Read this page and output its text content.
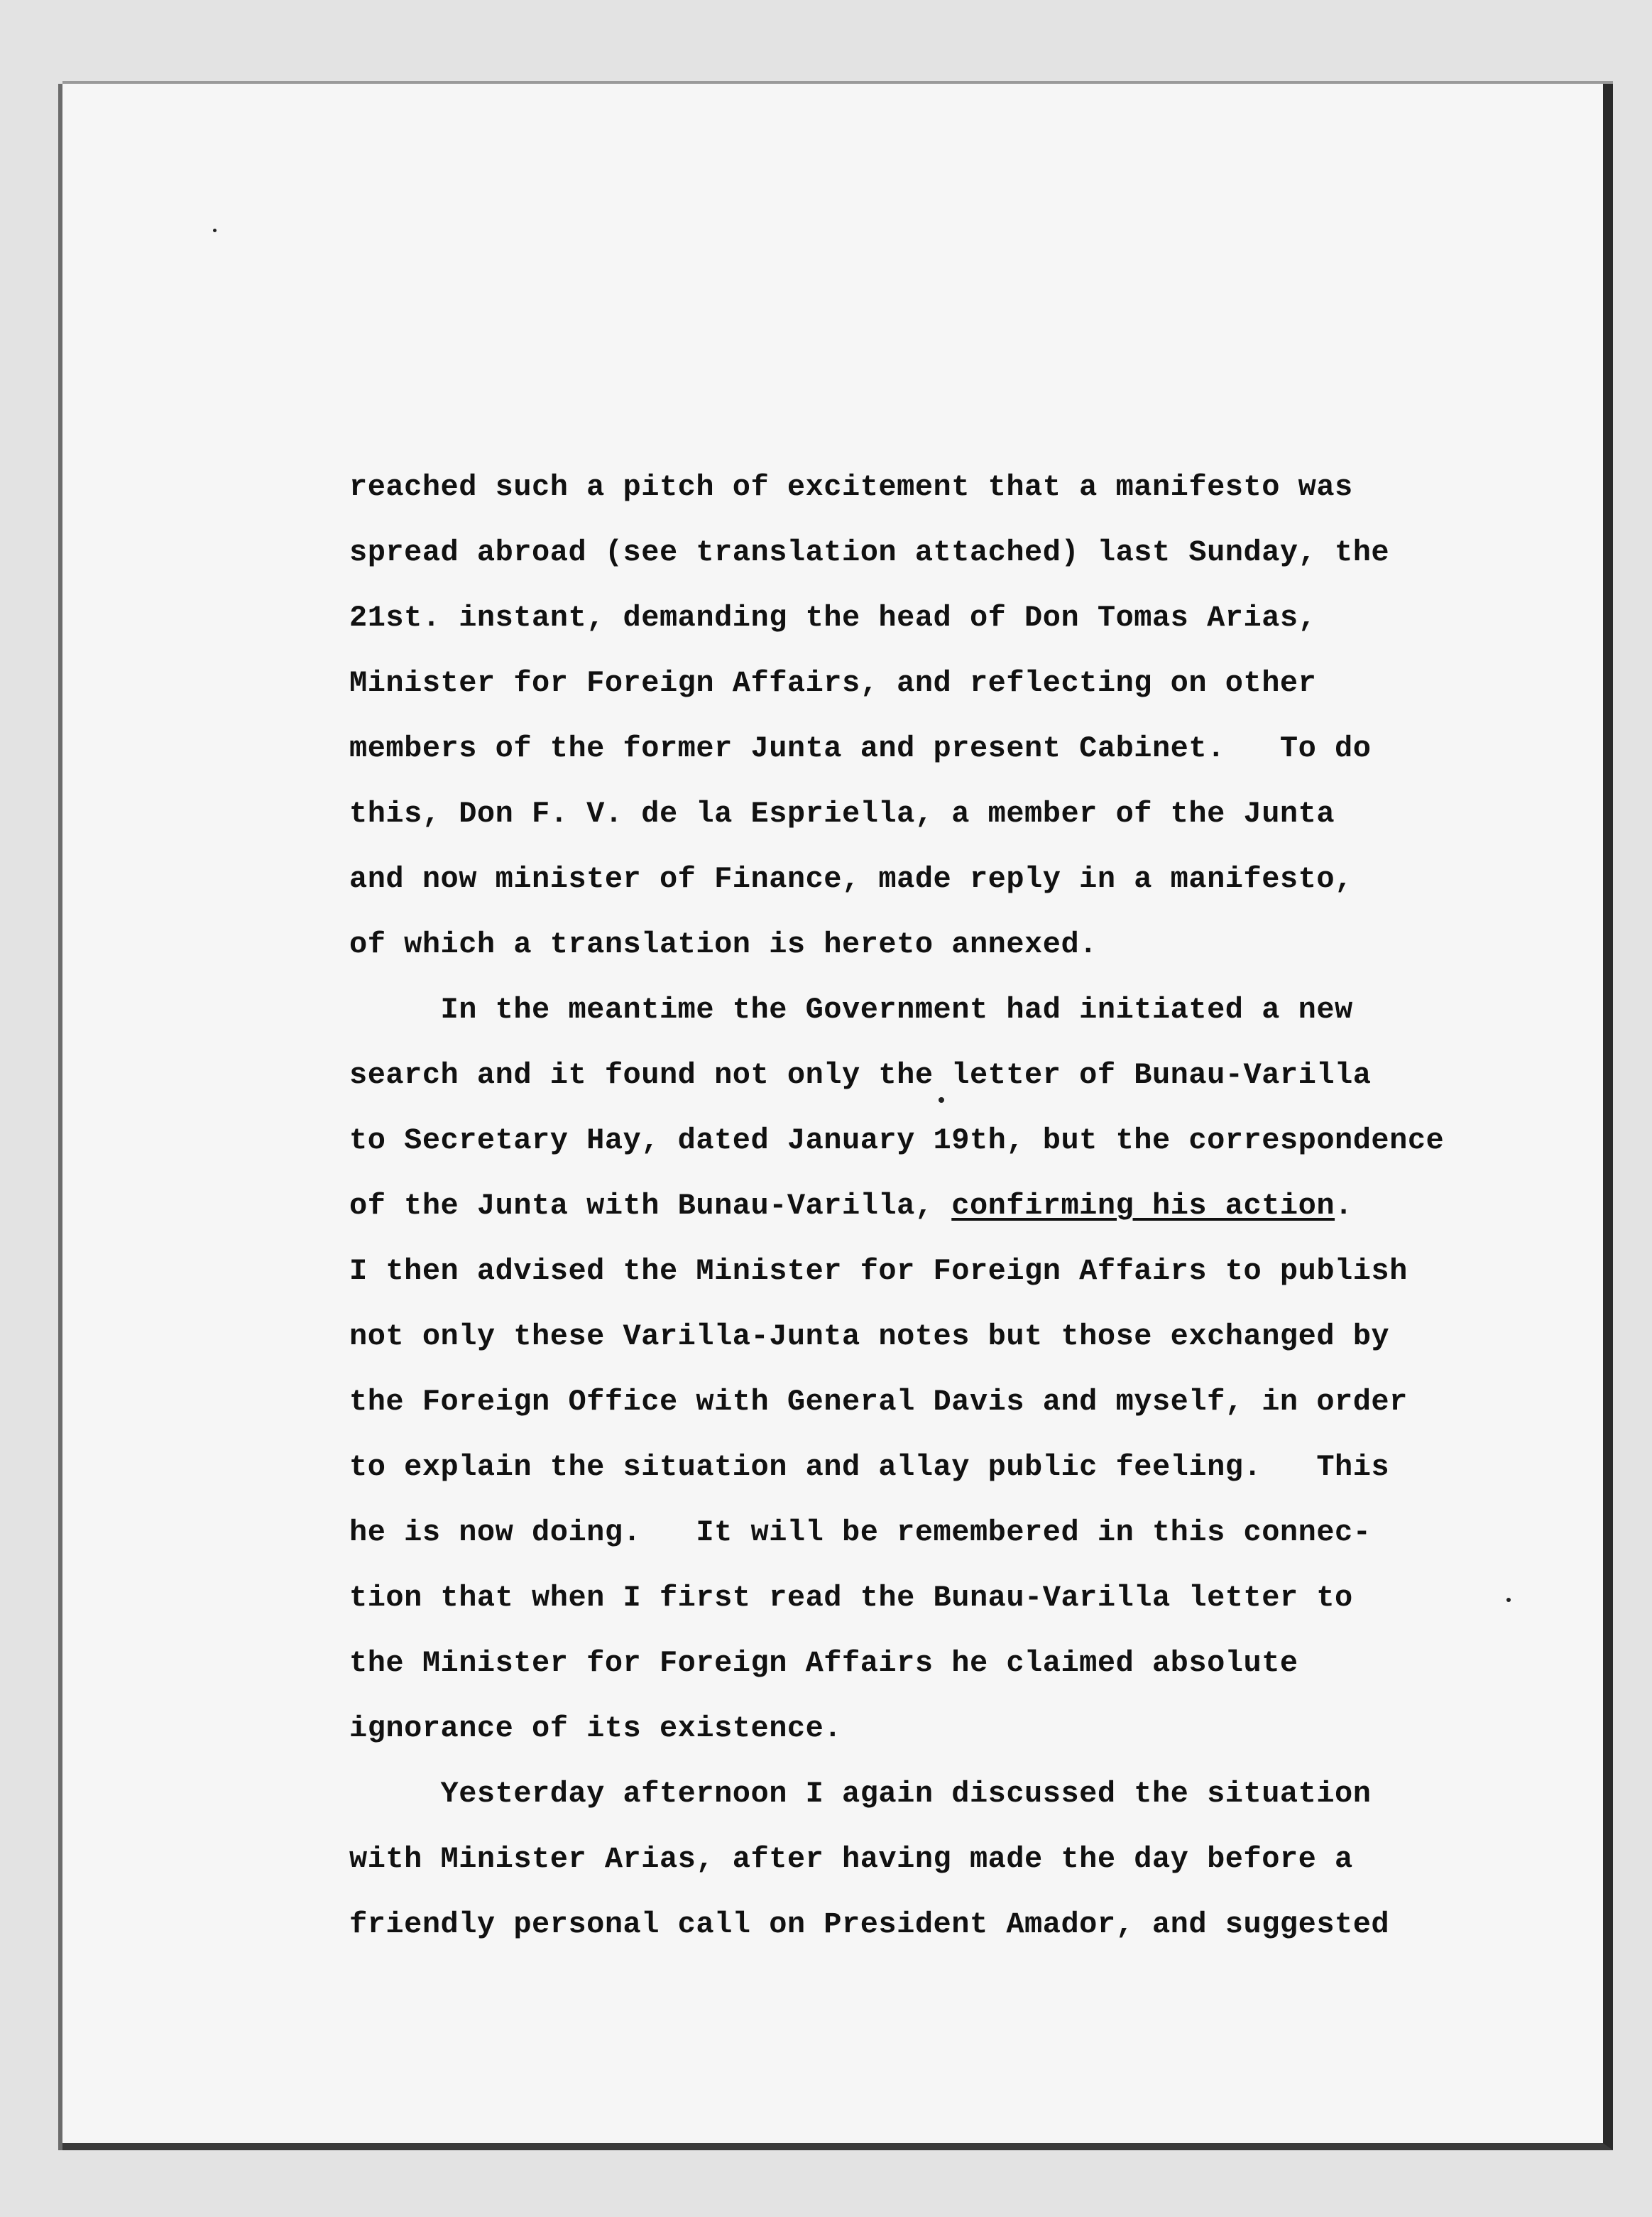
reached such a pitch of excitement that a manifesto was
spread abroad (see translation attached) last Sunday, the
21st. instant, demanding the head of Don Tomas Arias,
Minister for Foreign Affairs, and reflecting on other
members of the former Junta and present Cabinet.   To do
this, Don F. V. de la Espriella, a member of the Junta
and now minister of Finance, made reply in a manifesto,
of which a translation is hereto annexed.
In the meantime the Government had initiated a new
search and it found not only the letter of Bunau-Varilla
to Secretary Hay, dated January 19th, but the correspondence
of the Junta with Bunau-Varilla, confirming his action.
I then advised the Minister for Foreign Affairs to publish
not only these Varilla-Junta notes but those exchanged by
the Foreign Office with General Davis and myself, in order
to explain the situation and allay public feeling.   This
he is now doing.   It will be remembered in this connec-
tion that when I first read the Bunau-Varilla letter to
the Minister for Foreign Affairs he claimed absolute
ignorance of its existence.
Yesterday afternoon I again discussed the situation
with Minister Arias, after having made the day before a
friendly personal call on President Amador, and suggested
